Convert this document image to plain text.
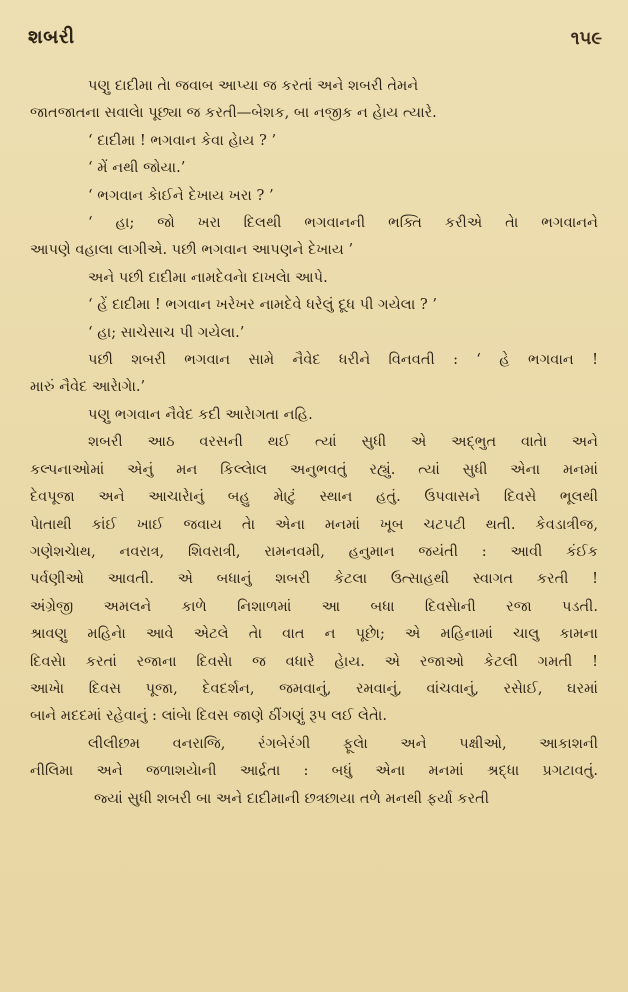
શબરી	૧૫૯
પણુ દાદીમા તેા જવાબ આપ્યા જ કરતાં અને શબરી તેમને
જાતજાતના સવાલેા પૂછ્યા જ કરતી—બેશક, બા નજીક ન હેાય ત્યારે.
‘ દાદીમા ! ભગવાન કેવા હેાય ? ’
‘ મેં નથી જોયા.’
‘ ભગવાન કેાઈને દેખાય ખરા ? ’
‘ હા; જો ખરા દિલથી ભગવાનની ભક્તિ કરીએ તેા ભગવાનને
આપણે વહાલા લાગીએ. પછી ભગવાન આપણને દેખાય ’
અને પછી દાદીમા નામદેવનેા દાખલેા આપે.
‘ હેં દાદીમા ! ભગવાન ખરેખર નામદેવે ધરેલું દૂધ પી ગયેલા ? ’
‘ હા; સાચેસાચ પી ગયેલા.’
પછી શબરી ભગવાન સામે નૈવેદ ધરીને વિનવતી : ‘ હે ભગવાન !
મારું નૈવેદ આરેાગેા.’
પણુ ભગવાન નૈવેદ કદી આરેાગતા નહિ.
શબરી આઠ વરસની થઈ ત્યાં સુધી એ અદ્ભુત વાતેા અને
કલ્પનાઓમાં એનું મન કિલ્લેાલ અનુભવતું રહ્યું. ત્યાં સુધી એના મનમાં
દેવપૂજા અને આચારેાનું બહુ મેાટું સ્થાન હતું. ઉપવાસને દિવસે ભૂલથી
પેાતાથી કાંઈ ખાઈ જવાય તેા એના મનમાં ખૂબ ચટપટી થતી. કેવડાત્રીજ,
ગણેશચેાથ, નવરાત્ર, શિવરાત્રી, રામનવમી, હનુમાન જયંતી : આવી કંઈક
પર્વણીઓ આવતી. એ બધાનું શબરી કેટલા ઉત્સાહથી સ્વાગત કરતી !
અંગ્રેજી અમલને કાળે નિશાળમાં આ બધા દિવસેાની રજા પડતી.
શ્રાવણુ મહિનેા આવે એટલે તેા વાત ન પૂછેા; એ મહિનામાં ચાલુ કામના
દિવસેા કરતાં રજાના દિવસેા જ વધારે હેાય. એ રજાઓ કેટલી ગમતી !
આખેા દિવસ પૂજા, દેવદર્શન, જમવાનું, રમવાનું, વાંચવાનું, રસેાઈ, ઘરમાં
બાને મદદમાં રહેવાનું : લાંબેા દિવસ જાણે ઠીંગણું રૂપ લઈ લેતેા.
લીલીછમ વનરાજિ, રંગબેરંગી ફૂલેા અને પક્ષીઓ, આકાશની
નીલિમા અને જળાશયેાની આર્દ્રતા : બધું એના મનમાં શ્રદ્ધા પ્રગટાવતું.
જ્યાં સુધી શબરી બા અને દાદીમાની છત્રછાયા તળે મનથી ફર્યા કરતી
